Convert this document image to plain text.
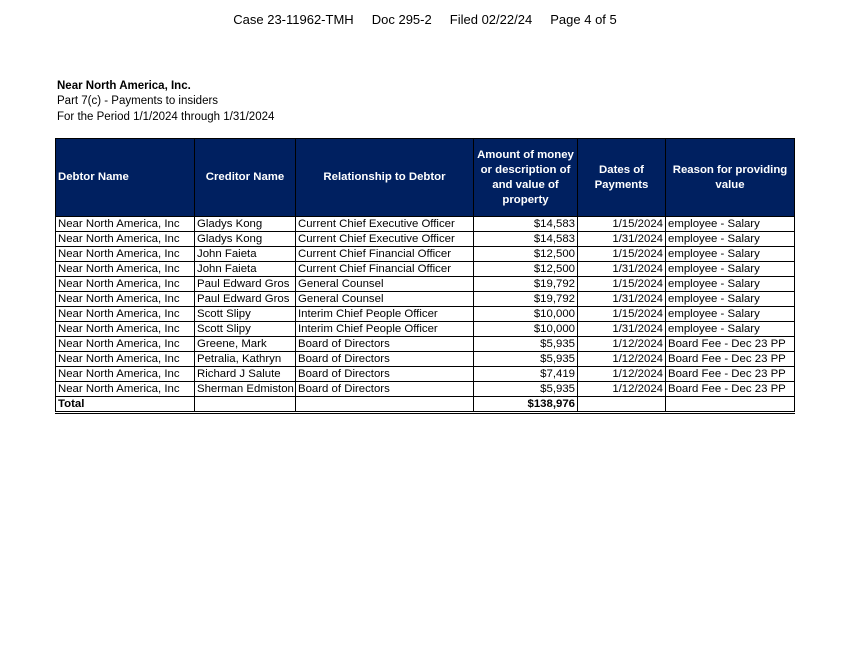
Case 23-11962-TMH Doc 295-2 Filed 02/22/24 Page 4 of 5
Near North America, Inc.
Part 7(c) - Payments to insiders
For the Period 1/1/2024 through 1/31/2024
Debtor Name	Creditor Name	Relationship to Debtor	Amount of money or description of and value of property	Dates of Payments	Reason for providing value
Near North America, Inc	Gladys Kong	Current Chief Executive Officer	$14,583	1/15/2024	employee - Salary
Near North America, Inc	Gladys Kong	Current Chief Executive Officer	$14,583	1/31/2024	employee - Salary
Near North America, Inc	John Faieta	Current Chief Financial Officer	$12,500	1/15/2024	employee - Salary
Near North America, Inc	John Faieta	Current Chief Financial Officer	$12,500	1/31/2024	employee - Salary
Near North America, Inc	Paul Edward Gros	General Counsel	$19,792	1/15/2024	employee - Salary
Near North America, Inc	Paul Edward Gros	General Counsel	$19,792	1/31/2024	employee - Salary
Near North America, Inc	Scott Slipy	Interim Chief People Officer	$10,000	1/15/2024	employee - Salary
Near North America, Inc	Scott Slipy	Interim Chief People Officer	$10,000	1/31/2024	employee - Salary
Near North America, Inc	Greene, Mark	Board of Directors	$5,935	1/12/2024	Board Fee - Dec 23 PP
Near North America, Inc	Petralia, Kathryn	Board of Directors	$5,935	1/12/2024	Board Fee - Dec 23 PP
Near North America, Inc	Richard J Salute	Board of Directors	$7,419	1/12/2024	Board Fee - Dec 23 PP
Near North America, Inc	Sherman Edmiston	Board of Directors	$5,935	1/12/2024	Board Fee - Dec 23 PP
Total			$138,976		
